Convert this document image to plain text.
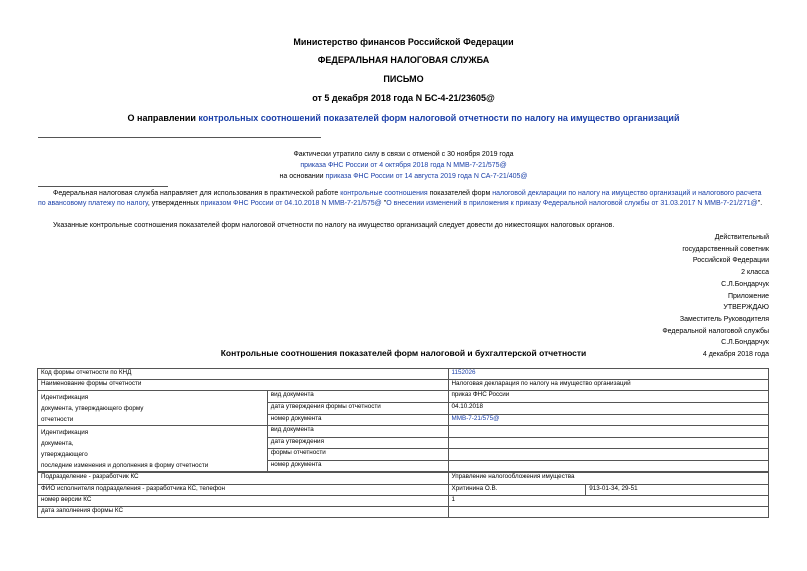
Министерство финансов Российской Федерации
ФЕДЕРАЛЬНАЯ НАЛОГОВАЯ СЛУЖБА
ПИСЬМО
от 5 декабря 2018 года N БС-4-21/23605@
О направлении контрольных соотношений показателей форм налоговой отчетности по налогу на имущество организаций
Фактически утратило силу в связи с отменой с 30 ноября 2019 года
приказа ФНС России от 4 октября 2018 года N ММВ-7-21/575@
на основании приказа ФНС России от 14 августа 2019 года N СА-7-21/405@
Федеральная налоговая служба направляет для использования в практической работе контрольные соотношения показателей форм налоговой декларации по налогу на имущество организаций и налогового расчета по авансовому платежу по налогу, утвержденных приказом ФНС России от 04.10.2018 N ММВ-7-21/575@ "О внесении изменений в приложения к приказу Федеральной налоговой службы от 31.03.2017 N ММВ-7-21/271@".
Указанные контрольные соотношения показателей форм налоговой отчетности по налогу на имущество организаций следует довести до нижестоящих налоговых органов.
Действительный
государственный советник
Российской Федерации
2 класса
С.Л.Бондарчук
Приложение
УТВЕРЖДАЮ
Заместитель Руководителя
Федеральной налоговой службы
С.Л.Бондарчук
4 декабря 2018 года
Контрольные соотношения показателей форм налоговой и бухгалтерской отчетности
Код формы отчетности по КНД		1152026	
Наименование формы отчетности		Налоговая декларация по налогу на имущество организаций	

Идентификация
документа, утверждающего форму
отчетности	вид документа	приказ ФНС России	
	дата утверждения формы отчетности	04.10.2018	
	номер документа	ММВ-7-21/575@	

Идентификация
документа,
утверждающего
последние изменения и дополнения в форму отчетности	вид документа		
	дата утверждения		
	формы отчетности		
	номер документа		
Подразделение - разработчик КС		Управление налогообложения имущества	
ФИО исполнителя подразделения - разработчика КС, телефон		Хритинина О.В.	913-01-34, 29-51
номер версии КС		1	
дата заполнения формы КС			
